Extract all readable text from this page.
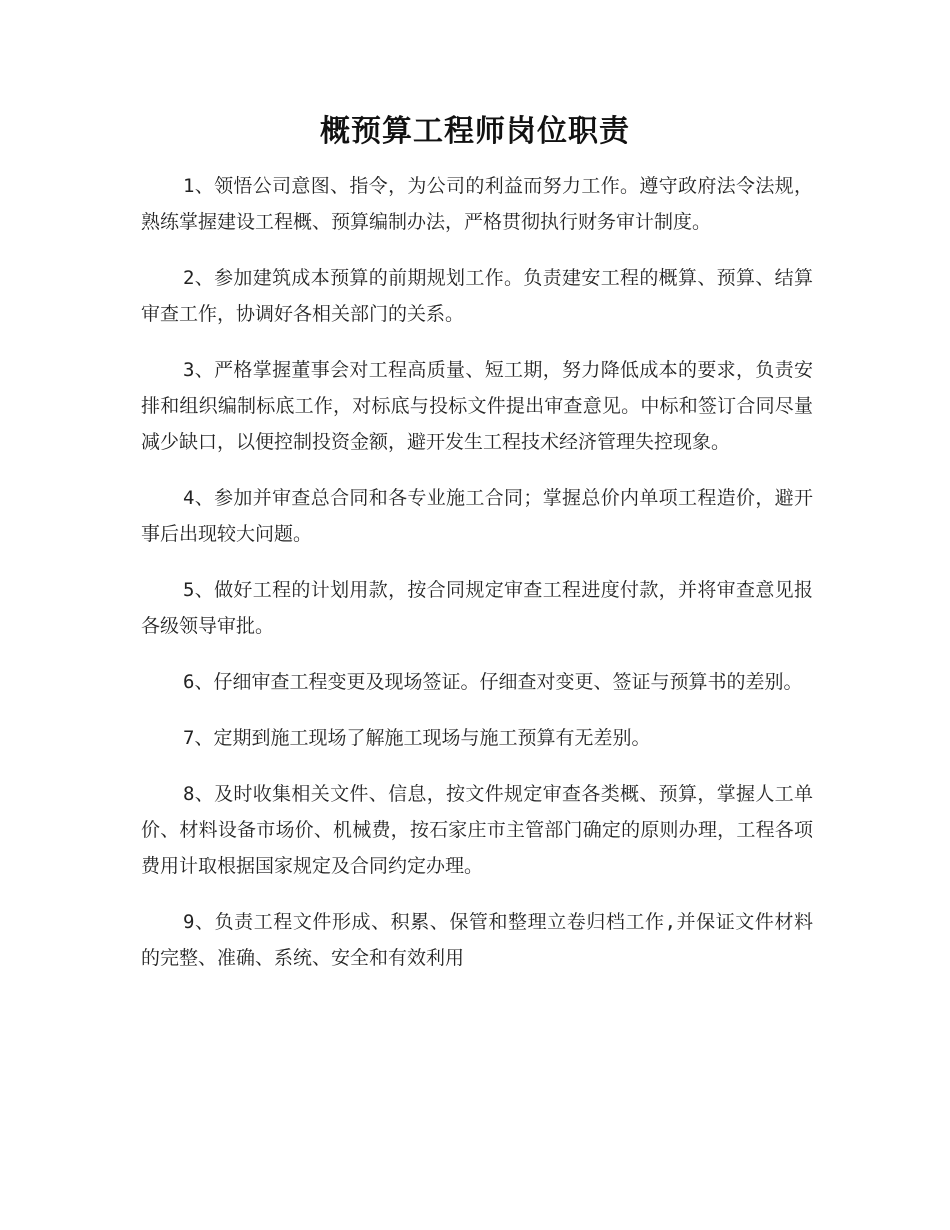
概预算工程师岗位职责

1、领悟公司意图、指令，为公司的利益而努力工作。遵守政府法令法规，熟练掌握建设工程概、预算编制办法，严格贯彻执行财务审计制度。

2、参加建筑成本预算的前期规划工作。负责建安工程的概算、预算、结算审查工作，协调好各相关部门的关系。

3、严格掌握董事会对工程高质量、短工期，努力降低成本的要求，负责安排和组织编制标底工作，对标底与投标文件提出审查意见。中标和签订合同尽量减少缺口，以便控制投资金额，避开发生工程技术经济管理失控现象。

4、参加并审查总合同和各专业施工合同；掌握总价内单项工程造价，避开事后出现较大问题。

5、做好工程的计划用款，按合同规定审查工程进度付款，并将审查意见报各级领导审批。

6、仔细审查工程变更及现场签证。仔细查对变更、签证与预算书的差别。

7、定期到施工现场了解施工现场与施工预算有无差别。

8、及时收集相关文件、信息，按文件规定审查各类概、预算，掌握人工单价、材料设备市场价、机械费，按石家庄市主管部门确定的原则办理，工程各项费用计取根据国家规定及合同约定办理。

9、负责工程文件形成、积累、保管和整理立卷归档工作,并保证文件材料的完整、准确、系统、安全和有效利用
